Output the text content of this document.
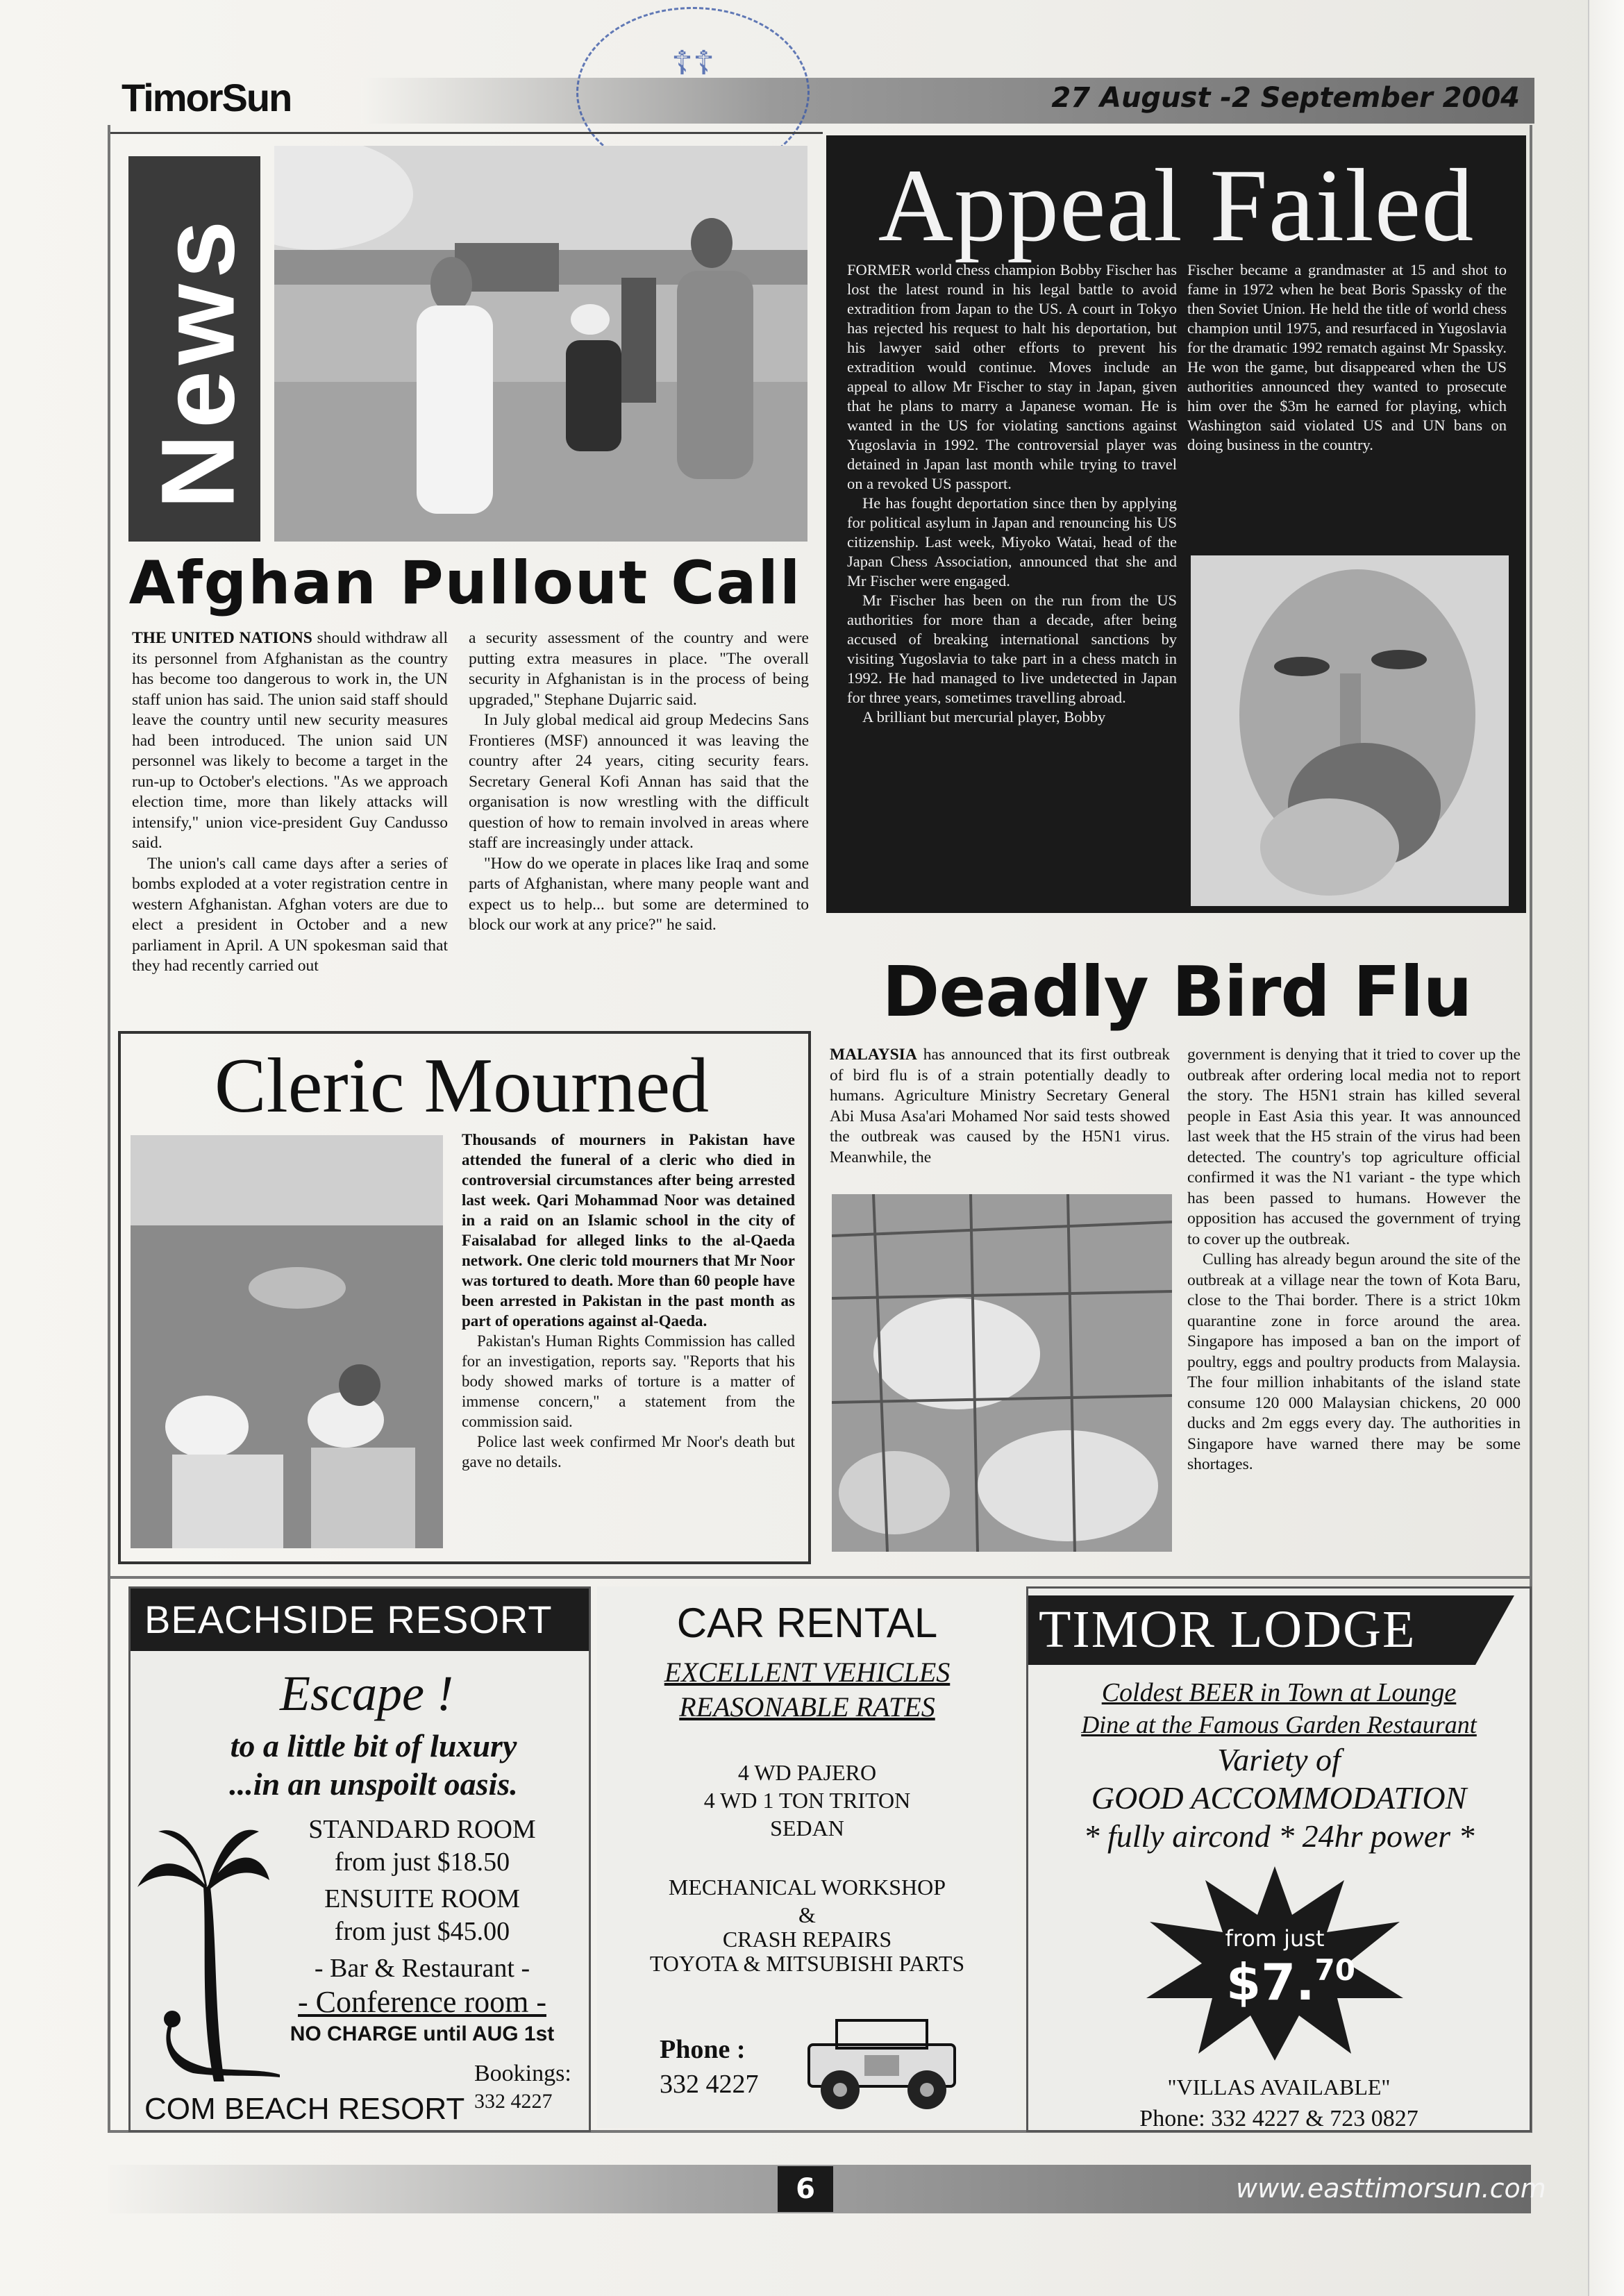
TimorSun	27 August -2 September 2004
☦☦
News
Afghan Pullout Call

THE UNITED NATIONS should withdraw all its personnel from Afghanistan as the country has become too dangerous to work in, the UN staff union has said. The union said staff should leave the country until new security measures had been introduced. The union said UN personnel was likely to become a target in the run-up to October's elections. "As we approach election time, more than likely attacks will intensify," union vice-president Guy Candusso said.

The union's call came days after a series of bombs exploded at a voter registration centre in western Afghanistan. Afghan voters are due to elect a president in October and a new parliament in April. A UN spokesman said that they had recently carried out

a security assessment of the country and were putting extra measures in place. "The overall security in Afghanistan is in the process of being upgraded," Stephane Dujarric said.

In July global medical aid group Medecins Sans Frontieres (MSF) announced it was leaving the country after 24 years, citing security fears. Secretary General Kofi Annan has said that the organisation is now wrestling with the difficult question of how to remain involved in areas where staff are increasingly under attack.

"How do we operate in places like Iraq and some parts of Afghanistan, where many people want and expect us to help... but some are determined to block our work at any price?" he said.

Appeal Failed

FORMER world chess champion Bobby Fischer has lost the latest round in his legal battle to avoid extradition from Japan to the US. A court in Tokyo has rejected his request to halt his deportation, but his lawyer said other efforts to prevent his extradition would continue. Moves include an appeal to allow Mr Fischer to stay in Japan, given that he plans to marry a Japanese woman. He is wanted in the US for violating sanctions against Yugoslavia in 1992. The controversial player was detained in Japan last month while trying to travel on a revoked US passport.

He has fought deportation since then by applying for political asylum in Japan and renouncing his US citizenship. Last week, Miyoko Watai, head of the Japan Chess Association, announced that she and Mr Fischer were engaged.

Mr Fischer has been on the run from the US authorities for more than a decade, after being accused of breaking international sanctions by visiting Yugoslavia to take part in a chess match in 1992. He had managed to live undetected in Japan for three years, sometimes travelling abroad.

A brilliant but mercurial player, Bobby

Fischer became a grandmaster at 15 and shot to fame in 1972 when he beat Boris Spassky of the then Soviet Union. He held the title of world chess champion until 1975, and resurfaced in Yugoslavia for the dramatic 1992 rematch against Mr Spassky. He won the game, but disappeared when the US authorities announced they wanted to prosecute him over the $3m he earned for playing, which Washington said violated US and UN bans on doing business in the country.

Deadly Bird Flu

MALAYSIA has announced that its first outbreak of bird flu is of a strain potentially deadly to humans. Agriculture Ministry Secretary General Abi Musa Asa'ari Mohamed Nor said tests showed the outbreak was caused by the H5N1 virus. Meanwhile, the

government is denying that it tried to cover up the outbreak after ordering local media not to report the story. The H5N1 strain has killed several people in East Asia this year. It was announced last week that the H5 strain of the virus had been detected. The country's top agriculture official confirmed it was the N1 variant - the type which has been passed to humans. However the opposition has accused the government of trying to cover up the outbreak.

Culling has already begun around the site of the outbreak at a village near the town of Kota Baru, close to the Thai border. There is a strict 10km quarantine zone in force around the area. Singapore has imposed a ban on the import of poultry, eggs and poultry products from Malaysia. The four million inhabitants of the island state consume 120 000 Malaysian chickens, 20 000 ducks and 2m eggs every day. The authorities in Singapore have warned there may be some shortages.

Cleric Mourned

Thousands of mourners in Pakistan have attended the funeral of a cleric who died in controversial circumstances after being arrested last week. Qari Mohammad Noor was detained in a raid on an Islamic school in the city of Faisalabad for alleged links to the al-Qaeda network. One cleric told mourners that Mr Noor was tortured to death. More than 60 people have been arrested in Pakistan in the past month as part of operations against al-Qaeda.

Pakistan's Human Rights Commission has called for an investigation, reports say. "Reports that his body showed marks of torture is a matter of immense concern," a statement from the commission said.

Police last week confirmed Mr Noor's death but gave no details.

BEACHSIDE RESORT
Escape !
to a little bit of luxury
...in an unspoilt oasis.
STANDARD ROOM
from just $18.50
ENSUITE ROOM
from just $45.00
- Bar & Restaurant -
- Conference room -
NO CHARGE until AUG 1st
Bookings:
332 4227
COM BEACH RESORT
CAR RENTAL
EXCELLENT VEHICLES
REASONABLE RATES
4 WD PAJERO
4 WD 1 TON TRITON
SEDAN
MECHANICAL WORKSHOP
&
CRASH REPAIRS
TOYOTA & MITSUBISHI PARTS
Phone :
332 4227
TIMOR LODGE
Coldest BEER in Town at Lounge
Dine at the Famous Garden Restaurant
Variety of
GOOD ACCOMMODATION
* fully aircond * 24hr power *
from just
$7.70
"VILLAS AVAILABLE"
Phone: 332 4227 & 723 0827
6	www.easttimorsun.com
